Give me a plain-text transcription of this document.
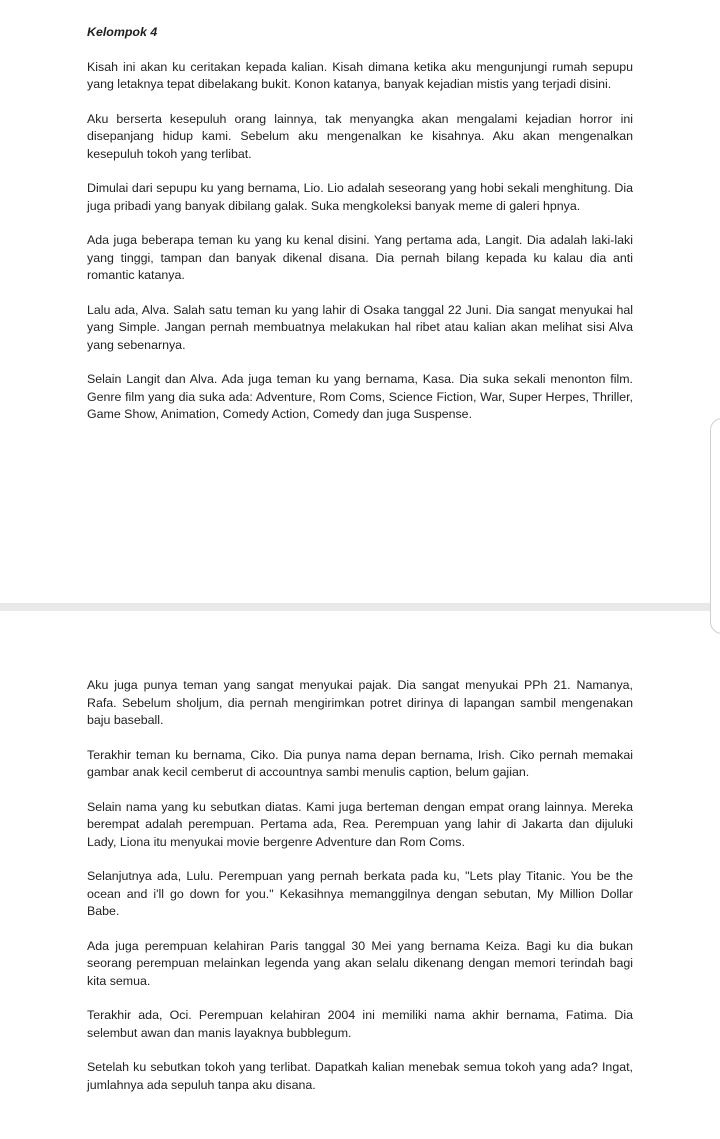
Kelompok 4

Kisah ini akan ku ceritakan kepada kalian. Kisah dimana ketika aku mengunjungi rumah sepupu yang letaknya tepat dibelakang bukit. Konon katanya, banyak kejadian mistis yang terjadi disini.

Aku berserta kesepuluh orang lainnya, tak menyangka akan mengalami kejadian horror ini disepanjang hidup kami. Sebelum aku mengenalkan ke kisahnya. Aku akan mengenalkan kesepuluh tokoh yang terlibat.

Dimulai dari sepupu ku yang bernama, Lio. Lio adalah seseorang yang hobi sekali menghitung. Dia juga pribadi yang banyak dibilang galak. Suka mengkoleksi banyak meme di galeri hpnya.

Ada juga beberapa teman ku yang ku kenal disini. Yang pertama ada, Langit. Dia adalah laki-laki yang tinggi, tampan dan banyak dikenal disana. Dia pernah bilang kepada ku kalau dia anti romantic katanya.

Lalu ada, Alva. Salah satu teman ku yang lahir di Osaka tanggal 22 Juni. Dia sangat menyukai hal yang Simple. Jangan pernah membuatnya melakukan hal ribet atau kalian akan melihat sisi Alva yang sebenarnya.

Selain Langit dan Alva. Ada juga teman ku yang bernama, Kasa. Dia suka sekali menonton film. Genre film yang dia suka ada: Adventure, Rom Coms, Science Fiction, War, Super Herpes, Thriller, Game Show, Animation, Comedy Action, Comedy dan juga Suspense.

Aku juga punya teman yang sangat menyukai pajak. Dia sangat menyukai PPh 21. Namanya, Rafa. Sebelum sholjum, dia pernah mengirimkan potret dirinya di lapangan sambil mengenakan baju baseball.

Terakhir teman ku bernama, Ciko. Dia punya nama depan bernama, Irish. Ciko pernah memakai gambar anak kecil cemberut di accountnya sambi menulis caption, belum gajian.

Selain nama yang ku sebutkan diatas. Kami juga berteman dengan empat orang lainnya. Mereka berempat adalah perempuan. Pertama ada, Rea. Perempuan yang lahir di Jakarta dan dijuluki Lady, Liona itu menyukai movie bergenre Adventure dan Rom Coms.

Selanjutnya ada, Lulu. Perempuan yang pernah berkata pada ku, "Lets play Titanic. You be the ocean and i'll go down for you." Kekasihnya memanggilnya dengan sebutan, My Million Dollar Babe.

Ada juga perempuan kelahiran Paris tanggal 30 Mei yang bernama Keiza. Bagi ku dia bukan seorang perempuan melainkan legenda yang akan selalu dikenang dengan memori terindah bagi kita semua.

Terakhir ada, Oci. Perempuan kelahiran 2004 ini memiliki nama akhir bernama, Fatima. Dia selembut awan dan manis layaknya bubblegum.

Setelah ku sebutkan tokoh yang terlibat. Dapatkah kalian menebak semua tokoh yang ada? Ingat, jumlahnya ada sepuluh tanpa aku disana.
